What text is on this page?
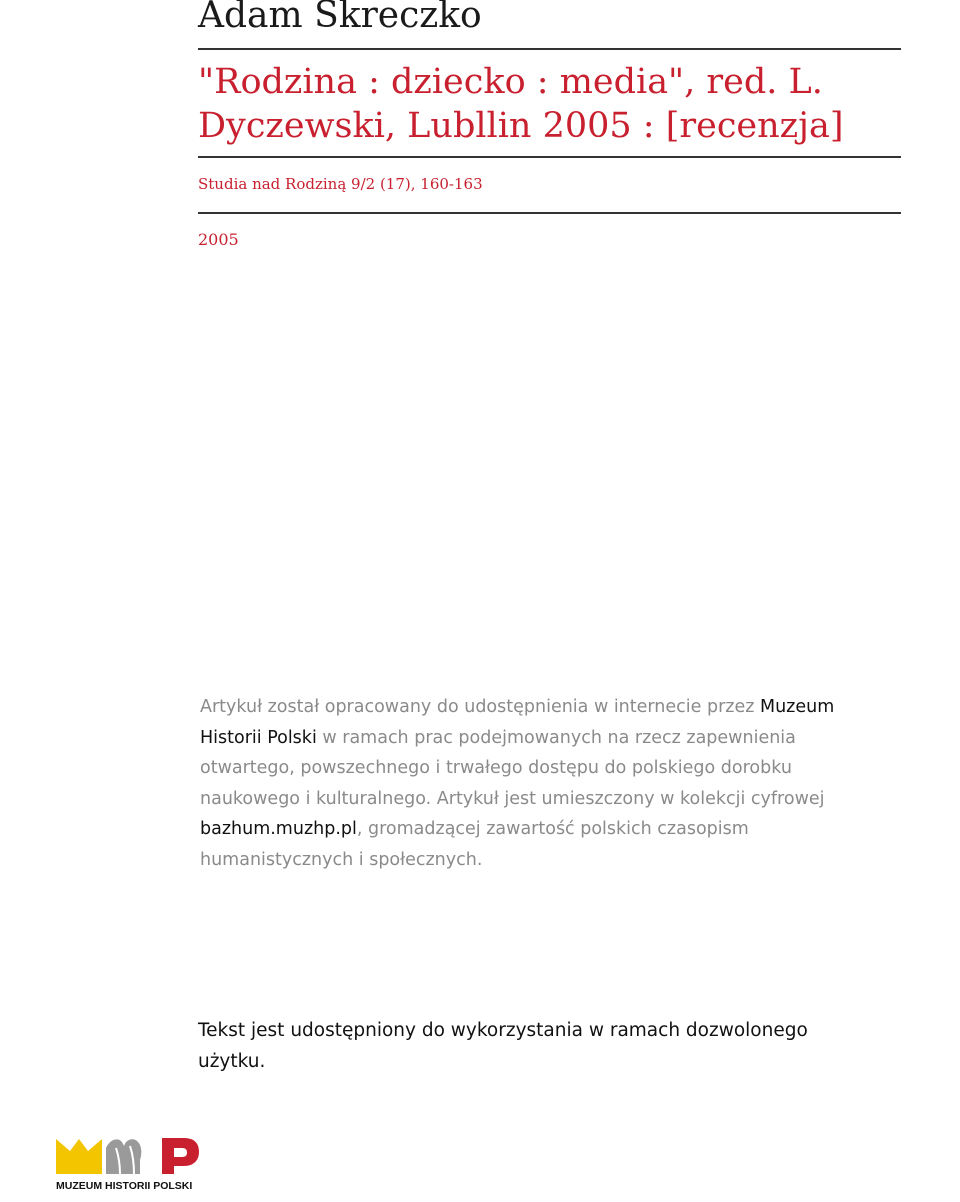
Adam Skreczko
"Rodzina : dziecko : media", red. L. Dyczewski, Lubllin 2005 : [recenzja]
Studia nad Rodziną 9/2 (17), 160-163
2005

Artykuł został opracowany do udostępnienia w internecie przez Muzeum Historii Polski w ramach prac podejmowanych na rzecz zapewnienia otwartego, powszechnego i trwałego dostępu do polskiego dorobku naukowego i kulturalnego. Artykuł jest umieszczony w kolekcji cyfrowej bazhum.muzhp.pl, gromadzącej zawartość polskich czasopism humanistycznych i społecznych.

Tekst jest udostępniony do wykorzystania w ramach dozwolonego użytku.

MUZEUM HISTORII POLSKI
